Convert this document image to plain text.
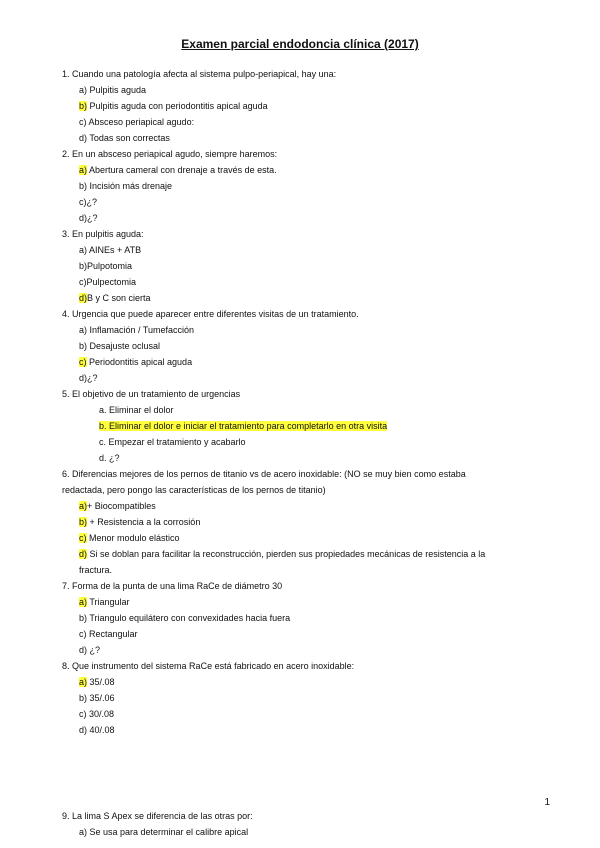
Examen parcial endodoncia clínica (2017)
1. Cuando una patología afecta al sistema pulpo-periapical, hay una:
a) Pulpitis aguda
b) Pulpitis aguda con periodontitis apical aguda
c) Absceso periapical agudo:
d) Todas son correctas
2. En un absceso periapical agudo, siempre haremos:
a) Abertura cameral con drenaje a través de esta.
b) Incisión más drenaje
c)¿?
d)¿?
3. En pulpitis aguda:
a) AINEs + ATB
b)Pulpotomia
c)Pulpectomia
d)B y C son cierta
4. Urgencia que puede aparecer entre diferentes visitas de un tratamiento.
a) Inflamación / Tumefacción
b) Desajuste oclusal
c) Periodontitis apical aguda
d)¿?
5. El objetivo de un tratamiento de urgencias
a. Eliminar el dolor
b. Eliminar el dolor e iniciar el tratamiento para completarlo en otra visita
c. Empezar el tratamiento y acabarlo
d. ¿?
6. Diferencias mejores de los pernos de titanio vs de acero inoxidable: (NO se muy bien como estaba
redactada, pero pongo las características de los pernos de titanio)
a)+ Biocompatibles
b) + Resistencia a la corrosión
c) Menor modulo elástico
d) Si se doblan para facilitar la reconstrucción, pierden sus propiedades mecánicas de resistencia a la
fractura.
7. Forma de la punta de una lima RaCe de diámetro 30
a) Triangular
b) Triangulo equilátero con convexidades hacia fuera
c) Rectangular
d) ¿?
8. Que instrumento del sistema RaCe está fabricado en acero inoxidable:
a) 35/.08
b) 35/.06
c) 30/.08
d) 40/.08
1
9. La lima S Apex se diferencia de las otras por:
a) Se usa para determinar el calibre apical
